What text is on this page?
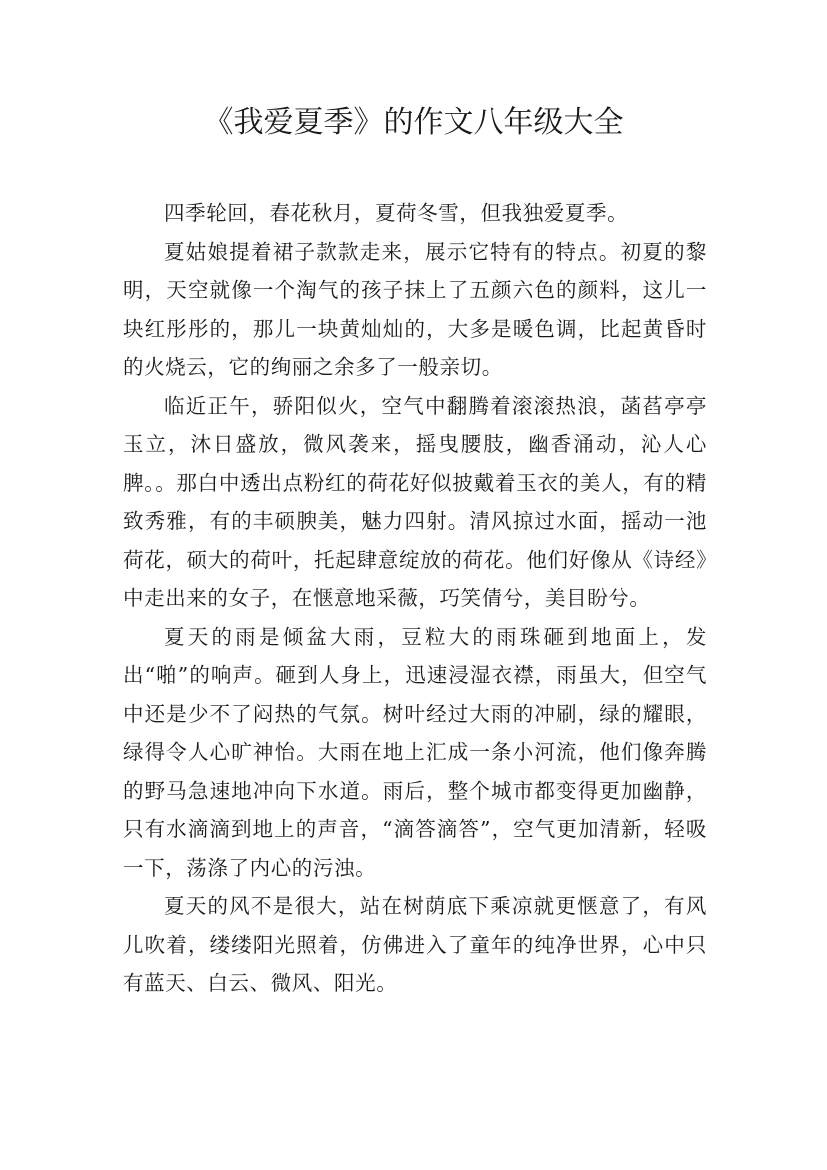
《我爱夏季》的作文八年级大全

四季轮回，春花秋月，夏荷冬雪，但我独爱夏季。

夏姑娘提着裙子款款走来，展示它特有的特点。初夏的黎明，天空就像一个淘气的孩子抹上了五颜六色的颜料，这儿一块红彤彤的，那儿一块黄灿灿的，大多是暖色调，比起黄昏时的火烧云，它的绚丽之余多了一般亲切。

临近正午，骄阳似火，空气中翻腾着滚滚热浪，菡萏亭亭玉立，沐日盛放，微风袭来，摇曳腰肢，幽香涌动，沁人心脾。。那白中透出点粉红的荷花好似披戴着玉衣的美人，有的精致秀雅，有的丰硕腴美，魅力四射。清风掠过水面，摇动一池荷花，硕大的荷叶，托起肆意绽放的荷花。他们好像从《诗经》中走出来的女子，在惬意地采薇，巧笑倩兮，美目盼兮。

夏天的雨是倾盆大雨，豆粒大的雨珠砸到地面上，发出“啪”的响声。砸到人身上，迅速浸湿衣襟，雨虽大，但空气中还是少不了闷热的气氛。树叶经过大雨的冲刷，绿的耀眼，绿得令人心旷神怡。大雨在地上汇成一条小河流，他们像奔腾的野马急速地冲向下水道。雨后，整个城市都变得更加幽静，只有水滴滴到地上的声音，“滴答滴答”，空气更加清新，轻吸一下，荡涤了内心的污浊。

夏天的风不是很大，站在树荫底下乘凉就更惬意了，有风儿吹着，缕缕阳光照着，仿佛进入了童年的纯净世界，心中只有蓝天、白云、微风、阳光。
